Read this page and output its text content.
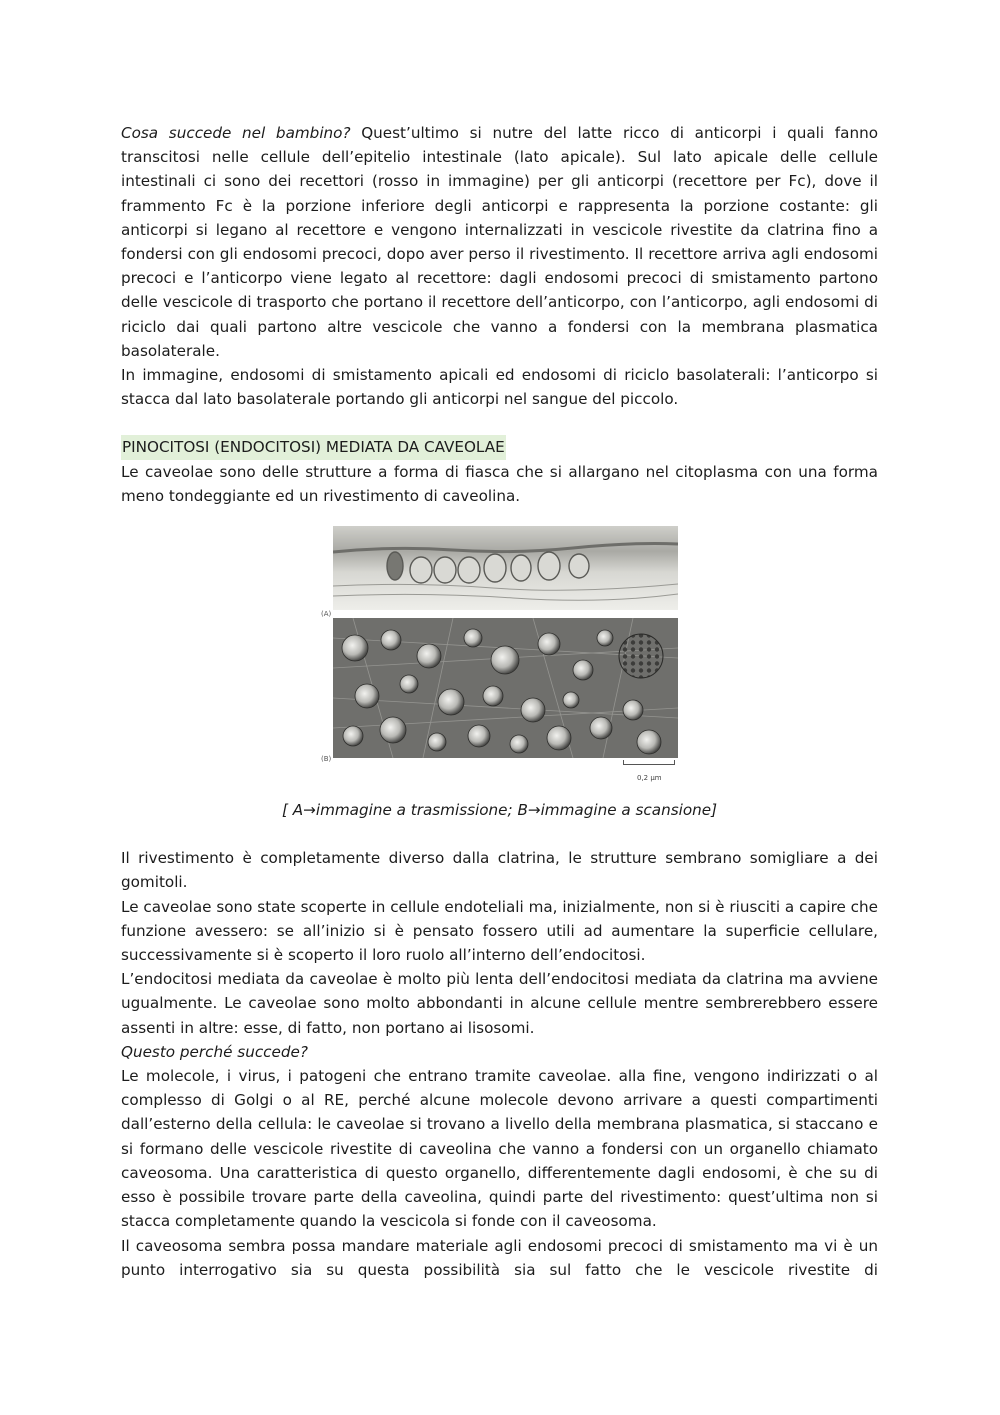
Cosa succede nel bambino? Quest’ultimo si nutre del latte ricco di anticorpi i quali fanno transcitosi nelle cellule dell’epitelio intestinale (lato apicale). Sul lato apicale delle cellule intestinali ci sono dei recettori (rosso in immagine) per gli anticorpi (recettore per Fc), dove il frammento Fc è la porzione inferiore degli anticorpi e rappresenta la porzione costante: gli anticorpi si legano al recettore e vengono internalizzati in vescicole rivestite da clatrina fino a fondersi con gli endosomi precoci, dopo aver perso il rivestimento. Il recettore arriva agli endosomi precoci e l’anticorpo viene legato al recettore: dagli endosomi precoci di smistamento partono delle vescicole di trasporto che portano il recettore dell’anticorpo, con l’anticorpo, agli endosomi di riciclo dai quali partono altre vescicole che vanno a fondersi con la membrana plasmatica basolaterale.

In immagine, endosomi di smistamento apicali ed endosomi di riciclo basolaterali: l’anticorpo si stacca dal lato basolaterale portando gli anticorpi nel sangue del piccolo.

PINOCITOSI (ENDOCITOSI) MEDIATA DA CAVEOLAE

Le caveolae sono delle strutture a forma di fiasca che si allargano nel citoplasma con una forma meno tondeggiante ed un rivestimento di caveolina.

(A)
(B)
0,2 µm

[ A→immagine a trasmissione; B→immagine a scansione]

Il rivestimento è completamente diverso dalla clatrina, le strutture sembrano somigliare a dei gomitoli.

Le caveolae sono state scoperte in cellule endoteliali ma, inizialmente, non si è riusciti a capire che funzione avessero: se all’inizio si è pensato fossero utili ad aumentare la superficie cellulare, successivamente si è scoperto il loro ruolo all’interno dell’endocitosi.

L’endocitosi mediata da caveolae è molto più lenta dell’endocitosi mediata da clatrina ma avviene ugualmente. Le caveolae sono molto abbondanti in alcune cellule mentre sembrerebbero essere assenti in altre: esse, di fatto, non portano ai lisosomi.

Questo perché succede?

Le molecole, i virus, i patogeni che entrano tramite caveolae. alla fine, vengono indirizzati o al complesso di Golgi o al RE, perché alcune molecole devono arrivare a questi compartimenti dall’esterno della cellula: le caveolae si trovano a livello della membrana plasmatica, si staccano e si formano delle vescicole rivestite di caveolina che vanno a fondersi con un organello chiamato caveosoma. Una caratteristica di questo organello, differentemente dagli endosomi, è che su di esso è possibile trovare parte della caveolina, quindi parte del rivestimento: quest’ultima non si stacca completamente quando la vescicola si fonde con il caveosoma.

Il caveosoma sembra possa mandare materiale agli endosomi precoci di smistamento ma vi è un punto interrogativo sia su questa possibilità sia sul fatto che le vescicole rivestite di
